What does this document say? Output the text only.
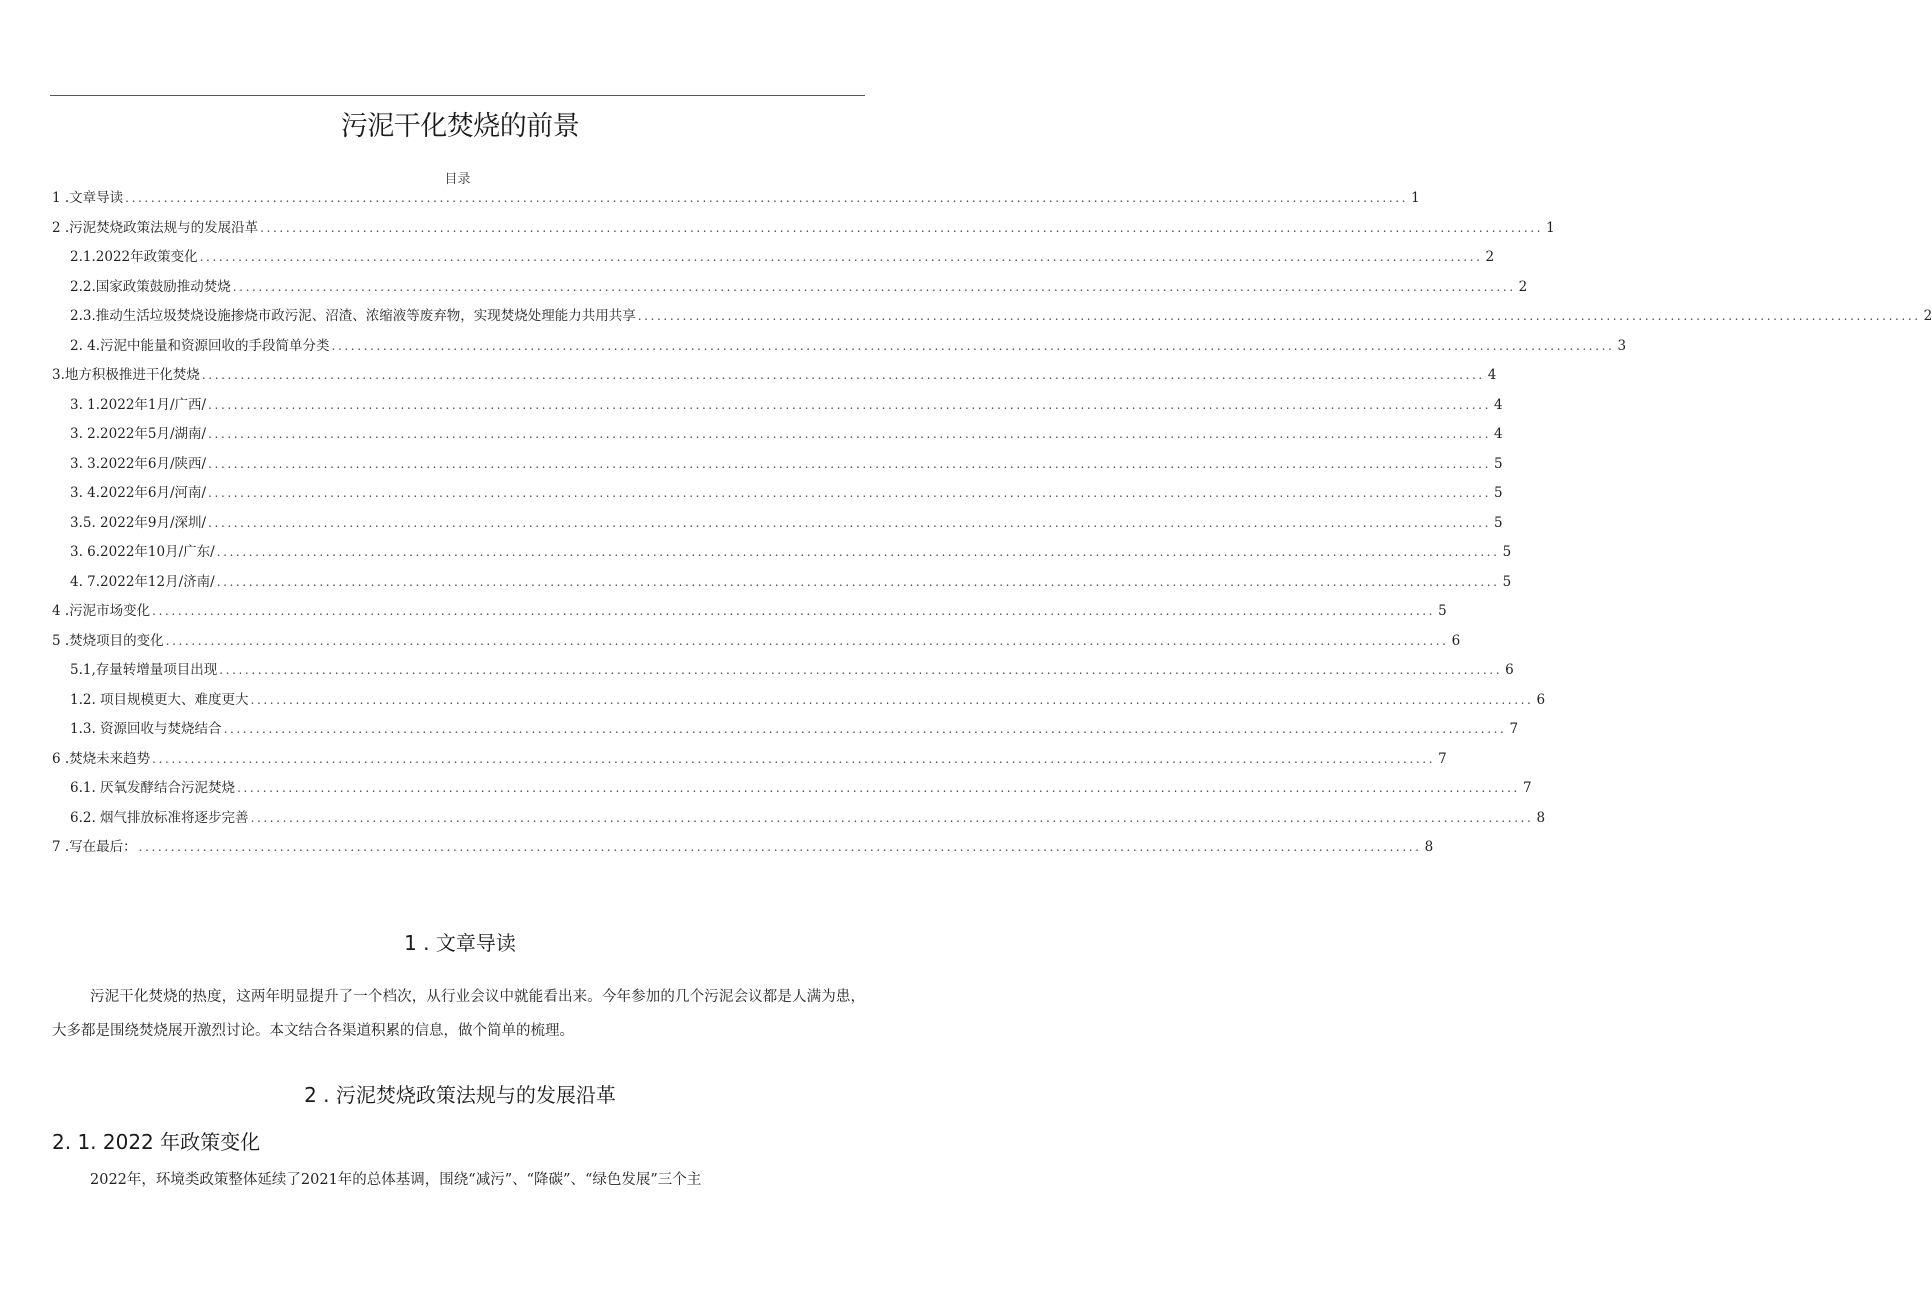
污泥干化焚烧的前景
目录
1 .文章导读 ........................................................................................................................................................................................................ 1
2 .污泥焚烧政策法规与的发展沿革 ........................................................................................................................................................................................................ 1
2.1.2022年政策变化 ........................................................................................................................................................................................................ 2
2.2.国家政策鼓励推动焚烧 ........................................................................................................................................................................................................ 2
2.3.推动生活垃圾焚烧设施掺烧市政污泥、沼渣、浓缩液等废弃物，实现焚烧处理能力共用共享 ........................................................................................................................................................................................................ 2
2. 4.污泥中能量和资源回收的手段简单分类 ........................................................................................................................................................................................................ 3
3.地方积极推进干化焚烧 ........................................................................................................................................................................................................ 4
3. 1.2022年1月/广西/ ........................................................................................................................................................................................................ 4
3. 2.2022年5月/湖南/ ........................................................................................................................................................................................................ 4
3. 3.2022年6月/陕西/ ........................................................................................................................................................................................................ 5
3. 4.2022年6月/河南/ ........................................................................................................................................................................................................ 5
3.5. 2022年9月/深圳/ ........................................................................................................................................................................................................ 5
3. 6.2022年10月/广东/ ........................................................................................................................................................................................................ 5
4. 7.2022年12月/济南/ ........................................................................................................................................................................................................ 5
4 .污泥市场变化 ........................................................................................................................................................................................................ 5
5 .焚烧项目的变化 ........................................................................................................................................................................................................ 6
5.1,存量转增量项目出现 ........................................................................................................................................................................................................ 6
1.2. 项目规模更大、难度更大 ........................................................................................................................................................................................................ 6
1.3. 资源回收与焚烧结合 ........................................................................................................................................................................................................ 7
6 .焚烧未来趋势 ........................................................................................................................................................................................................ 7
6.1. 厌氧发酵结合污泥焚烧 ........................................................................................................................................................................................................ 7
6.2. 烟气排放标准将逐步完善 ........................................................................................................................................................................................................ 8
7 .写在最后： ........................................................................................................................................................................................................ 8
1 . 文章导读
污泥干化焚烧的热度，这两年明显提升了一个档次，从行业会议中就能看出来。今年参加的几个污泥会议都是人满为患，大多都是围绕焚烧展开激烈讨论。本文结合各渠道积累的信息，做个简单的梳理。
2 . 污泥焚烧政策法规与的发展沿革
2. 1. 2022 年政策变化
2022年，环境类政策整体延续了2021年的总体基调，围绕“减污”、“降碳”、“绿色发展”三个主
